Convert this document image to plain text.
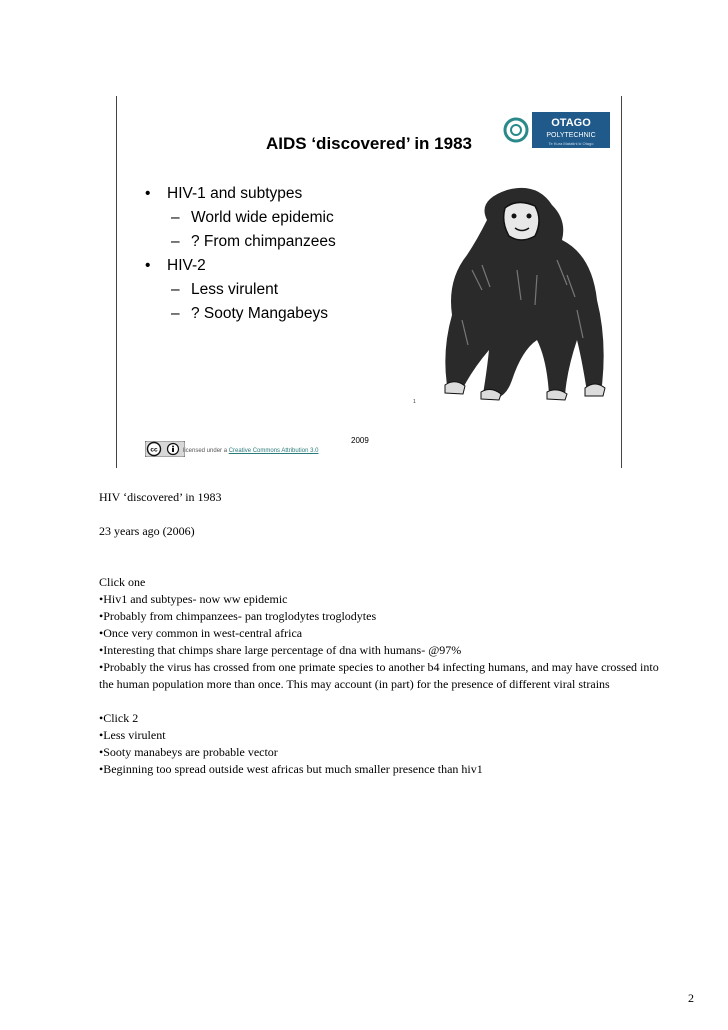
AIDS ‘discovered’ in 1983
OTAGO
POLYTECHNIC
Te Kura Matatini ki Otago
• HIV-1 and subtypes
– World wide epidemic
– ? From chimpanzees
• HIV-2
– Less virulent
– ? Sooty Mangabeys
1
2009
cc	licensed under a Creative Commons Attribution 3.0

HIV ‘discovered’ in 1983

23 years ago (2006)

Click one

•Hiv1 and subtypes- now ww epidemic

•Probably from chimpanzees- pan troglodytes troglodytes

•Once very common in west-central africa

•Interesting that chimps share large percentage of dna with humans- @97%

•Probably the virus has crossed from one primate species to another b4 infecting humans, and may have crossed into the human population more than once. This may account (in part) for the presence of different viral strains

•Click 2

•Less virulent

•Sooty manabeys are probable vector

•Beginning too spread outside west africas but much smaller presence than hiv1

2
